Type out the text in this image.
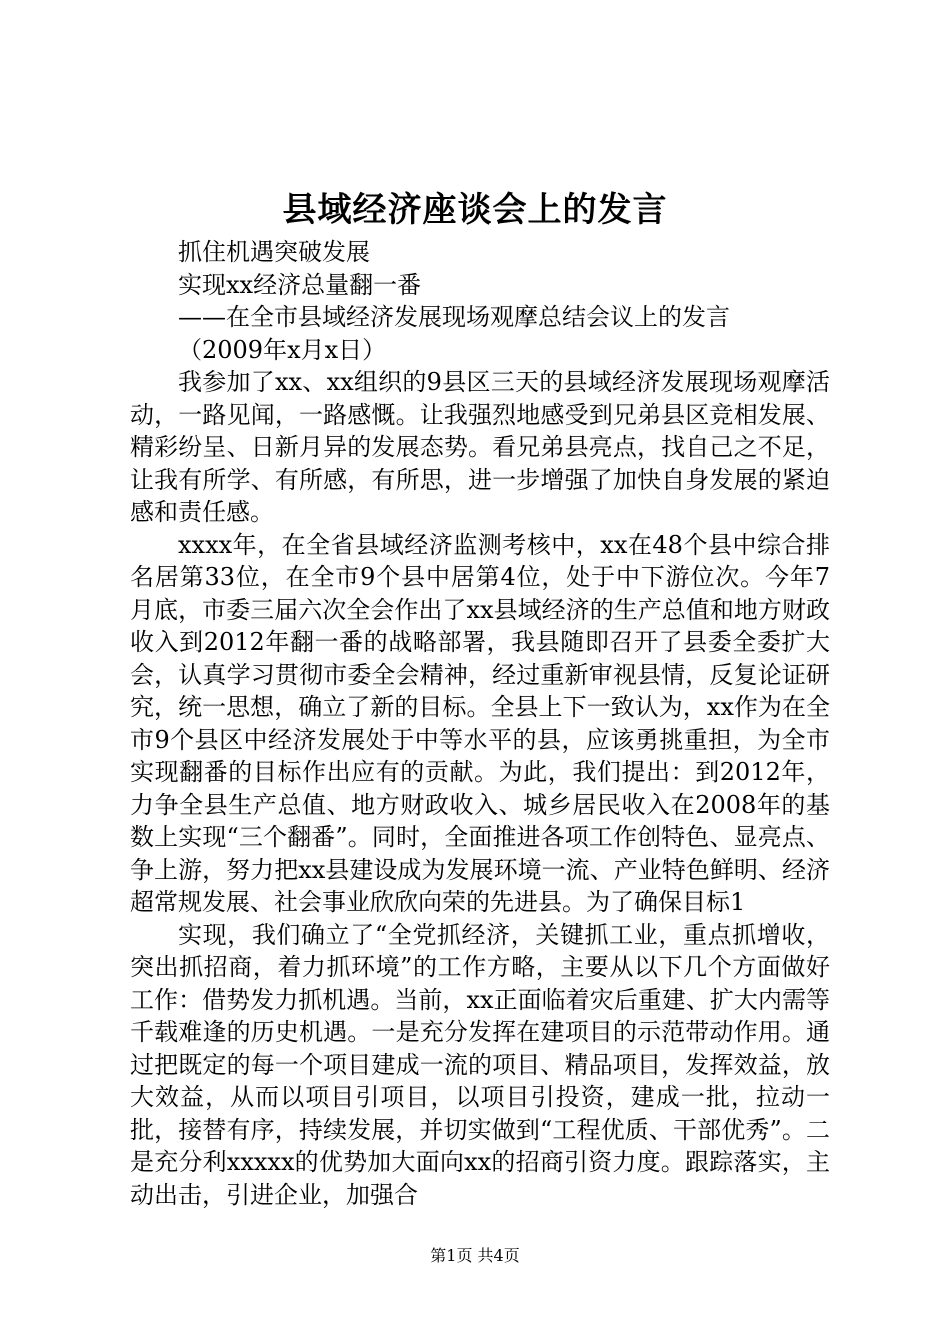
县域经济座谈会上的发言

抓住机遇突破发展

实现xx经济总量翻一番

——在全市县域经济发展现场观摩总结会议上的发言

（2009年x月x日）

我参加了xx、xx组织的9县区三天的县域经济发展现场观摩活动，一路见闻，一路感慨。让我强烈地感受到兄弟县区竞相发展、精彩纷呈、日新月异的发展态势。看兄弟县亮点，找自己之不足，让我有所学、有所感，有所思，进一步增强了加快自身发展的紧迫感和责任感。

xxxx年，在全省县域经济监测考核中，xx在48个县中综合排名居第33位，在全市9个县中居第4位，处于中下游位次。今年7月底，市委三届六次全会作出了xx县域经济的生产总值和地方财政收入到2012年翻一番的战略部署，我县随即召开了县委全委扩大会，认真学习贯彻市委全会精神，经过重新审视县情，反复论证研究，统一思想，确立了新的目标。全县上下一致认为，xx作为在全市9个县区中经济发展处于中等水平的县，应该勇挑重担，为全市实现翻番的目标作出应有的贡献。为此，我们提出：到2012年，力争全县生产总值、地方财政收入、城乡居民收入在2008年的基数上实现“三个翻番”。同时，全面推进各项工作创特色、显亮点、争上游，努力把xx县建设成为发展环境一流、产业特色鲜明、经济超常规发展、社会事业欣欣向荣的先进县。为了确保目标1

实现，我们确立了“全党抓经济，关键抓工业，重点抓增收，突出抓招商，着力抓环境”的工作方略，主要从以下几个方面做好工作：借势发力抓机遇。当前，xx正面临着灾后重建、扩大内需等千载难逢的历史机遇。一是充分发挥在建项目的示范带动作用。通过把既定的每一个项目建成一流的项目、精品项目，发挥效益，放大效益，从而以项目引项目，以项目引投资，建成一批，拉动一批，接替有序，持续发展，并切实做到“工程优质、干部优秀”。二是充分利xxxxx的优势加大面向xx的招商引资力度。跟踪落实，主动出击，引进企业，加强合

第1页 共4页
